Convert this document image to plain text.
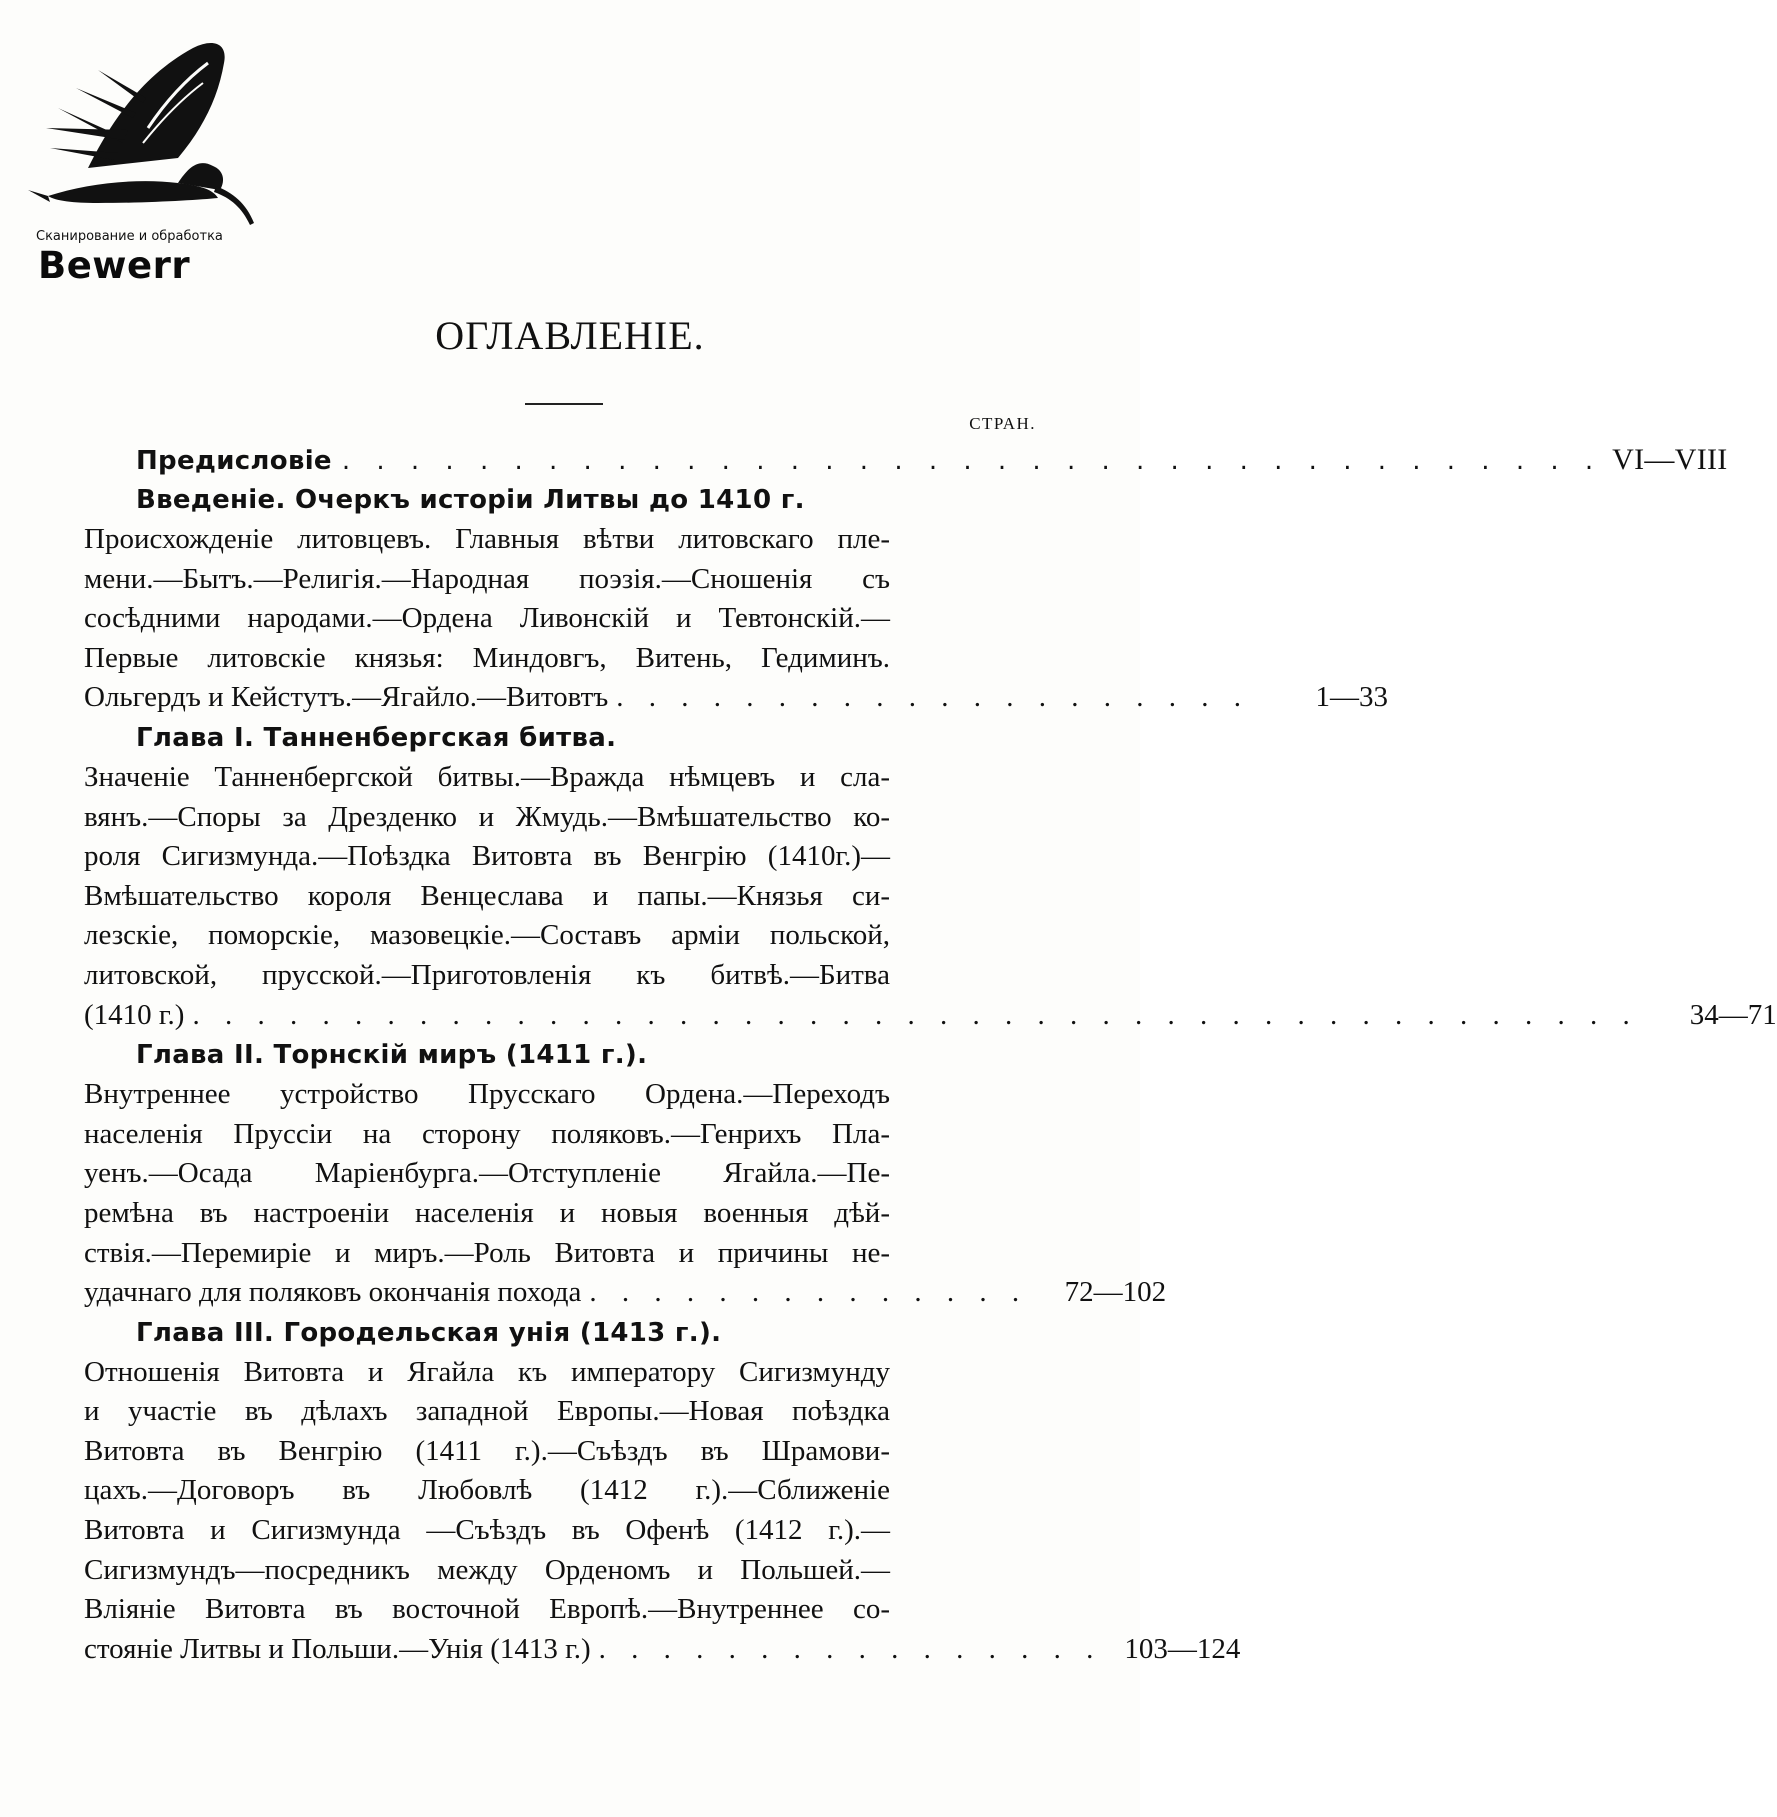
Сканирование и обработка
Bewerr
ОГЛАВЛЕНІЕ.
СТРАН.
Предисловіе . . . . . . . . . . . . . . . . . . . . . . . . . . . . . . . . . . . . . VI—VIII
Введеніе. Очеркъ исторіи Литвы до 1410 г.
Происхожденіе литовцевъ. Главныя вѣтви литовскаго пле-
мени.—Бытъ.—Религія.—Народная поэзія.—Сношенія съ
сосѣдними народами.—Ордена Ливонскій и Тевтонскій.—
Первые литовскіе князья: Миндовгъ, Витень, Гедиминъ.
Ольгердъ и Кейстутъ.—Ягайло.—Витовтъ . . . . . . . . . . . . . . . . . . . .	1—33
Глава I. Танненбергская битва.
Значеніе Танненбергской битвы.—Вражда нѣмцевъ и сла-
вянъ.—Споры за Дрезденко и Жмудь.—Вмѣшательство ко-
роля Сигизмунда.—Поѣздка Витовта въ Венгрію (1410г.)—
Вмѣшательство короля Венцеслава и папы.—Князья си-
лезскіе, поморскіе, мазовецкіе.—Составъ арміи польской,
литовской, прусской.—Приготовленія къ битвѣ.—Битва
(1410 г.) . . . . . . . . . . . . . . . . . . . . . . . . . . . . . . . . . . . . . . . . . . . . .	34—71
Глава II. Торнскій миръ (1411 г.).
Внутреннее устройство Прусскаго Ордена.—Переходъ
населенія Пруссіи на сторону поляковъ.—Генрихъ Пла-
уенъ.—Осада Маріенбурга.—Отступленіе Ягайла.—Пе-
ремѣна въ настроеніи населенія и новыя военныя дѣй-
ствія.—Перемиріе и миръ.—Роль Витовта и причины не-
удачнаго для поляковъ окончанія похода . . . . . . . . . . . . . .	72—102
Глава III. Городельская унія (1413 г.).
Отношенія Витовта и Ягайла къ императору Сигизмунду
и участіе въ дѣлахъ западной Европы.—Новая поѣздка
Витовта въ Венгрію (1411 г.).—Съѣздъ въ Шрамови-
цахъ.—Договоръ въ Любовлѣ (1412 г.).—Сближеніе
Витовта и Сигизмунда —Съѣздъ въ Офенѣ (1412 г.).—
Сигизмундъ—посредникъ между Орденомъ и Польшей.—
Вліяніе Витовта въ восточной Европѣ.—Внутреннее со-
стояніе Литвы и Польши.—Унія (1413 г.) . . . . . . . . . . . . . . . . 103—124
